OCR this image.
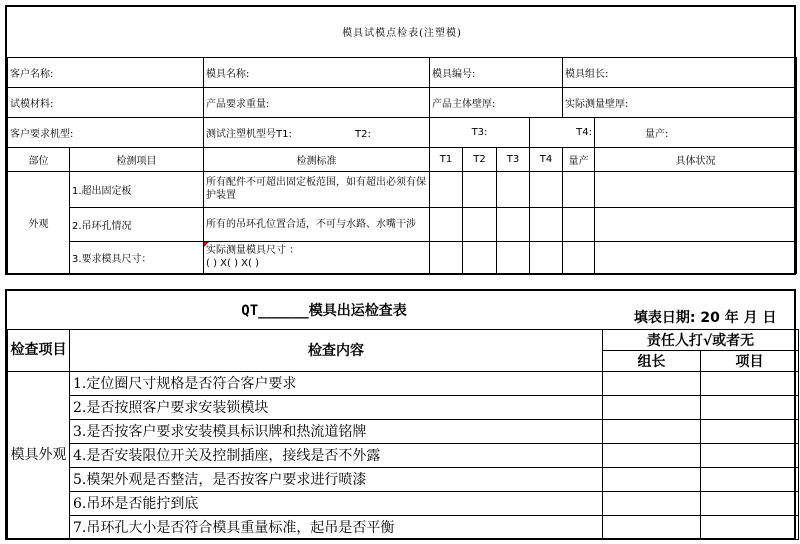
模具试模点检表(注塑模)								
客户名称:		模具名称:	模具编号:				模具组长:	
试模材料:		产品要求重量:	产品主体壁厚:				实际测量壁厚:	
客户要求机型:		测试注塑机型号T1: T2:	T3:			T4:		量产:
部位	检测项目	检测标准	T1	T2	T3	T4	量产	具体状况
外观	1.超出固定板	所有配件不可超出固定板范围，如有超出必须有保护装置						
	2.吊环孔情况	所有的吊环孔位置合适，不可与水路、水嘴干涉						
	3.要求模具尺寸：	实际测量模具尺寸 ：
( ) X( ) X( )						

QT______模具出运检查表		填表日期: 20 年 月 日	

检查项目	检查内容	责任人打√或者无	
		组长	项目
模具外观	1.定位圈尺寸规格是否符合客户要求		
	2.是否按照客户要求安装锁模块		
	3.是否按客户要求安装模具标识牌和热流道铭牌		
	4.是否安装限位开关及控制插座，接线是否不外露		
	5.模架外观是否整洁，是否按客户要求进行喷漆		
	6.吊环是否能拧到底		
	7.吊环孔大小是否符合模具重量标准，起吊是否平衡		
